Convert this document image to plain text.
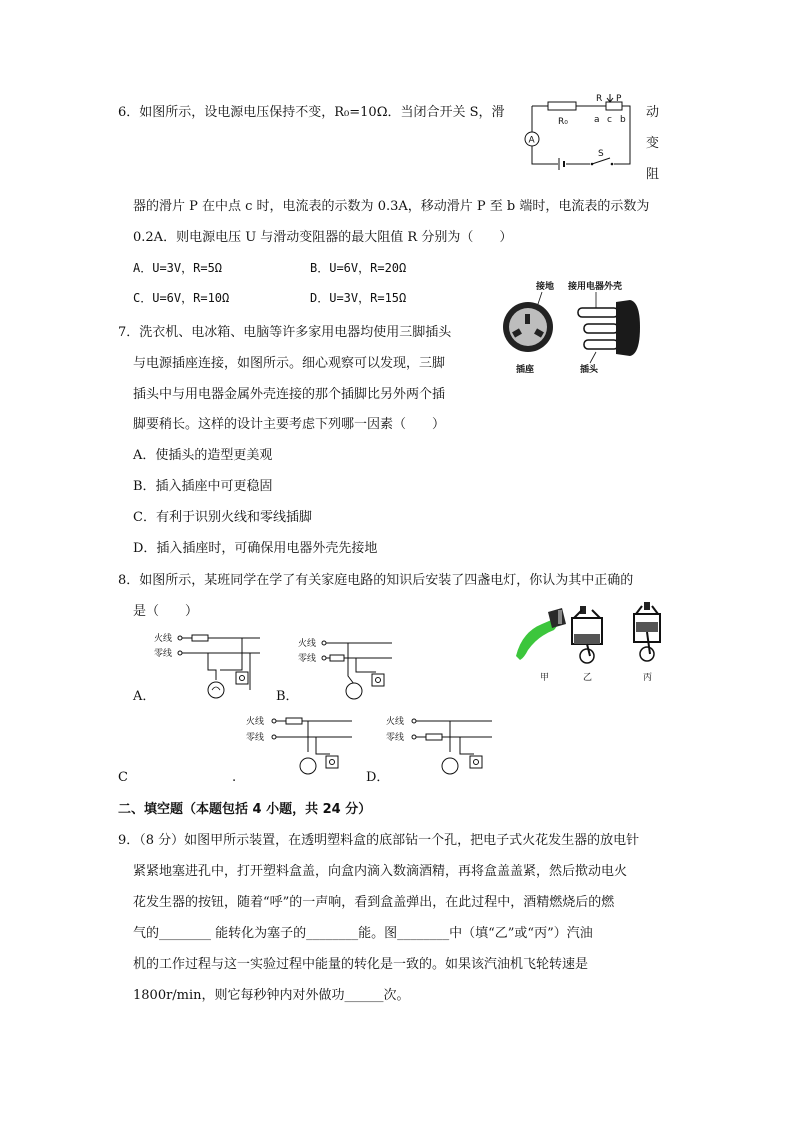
6．如图所示，设电源电压保持不变，R₀=10Ω．当闭合开关 S，滑	动
变
阻
器的滑片 P 在中点 c 时，电流表的示数为 0.3A，移动滑片 P 至 b 端时，电流表的示数为
0.2A．则电源电压 U 与滑动变阻器的最大阻值 R 分别为（　　）
A．U=3V，R=5Ω	B．U=6V，R=20Ω
C．U=6V，R=10Ω	D．U=3V，R=15Ω
A
R₀
R P
a c b
S
7．洗衣机、电冰箱、电脑等许多家用电器均使用三脚插头
与电源插座连接，如图所示。细心观察可以发现，三脚
插头中与用电器金属外壳连接的那个插脚比另外两个插
脚要稍长。这样的设计主要考虑下列哪一因素（　　）
A．使插头的造型更美观
B．插入插座中可更稳固
C．有利于识别火线和零线插脚
D．插入插座时，可确保用电器外壳先接地
接地 接用电器外壳
插座	插头
8．如图所示，某班同学在学了有关家庭电路的知识后安装了四盏电灯，你认为其中正确的
是（　　）
火线
零线
A．
火线
零线
B．
火线
零线
C	.
火线
零线
D．
甲	乙	丙
二、填空题（本题包括 4 小题，共 24 分）
9．（8 分）如图甲所示装置，在透明塑料盒的底部钻一个孔，把电子式火花发生器的放电针
紧紧地塞进孔中，打开塑料盒盖，向盒内滴入数滴酒精，再将盒盖盖紧，然后揿动电火
花发生器的按钮，随着“呼”的一声响，看到盒盖弹出，在此过程中，酒精燃烧后的燃
气的________ 能转化为塞子的________能。图________中（填“乙”或“丙”）汽油
机的工作过程与这一实验过程中能量的转化是一致的。如果该汽油机飞轮转速是
1800r/min，则它每秒钟内对外做功______次。
